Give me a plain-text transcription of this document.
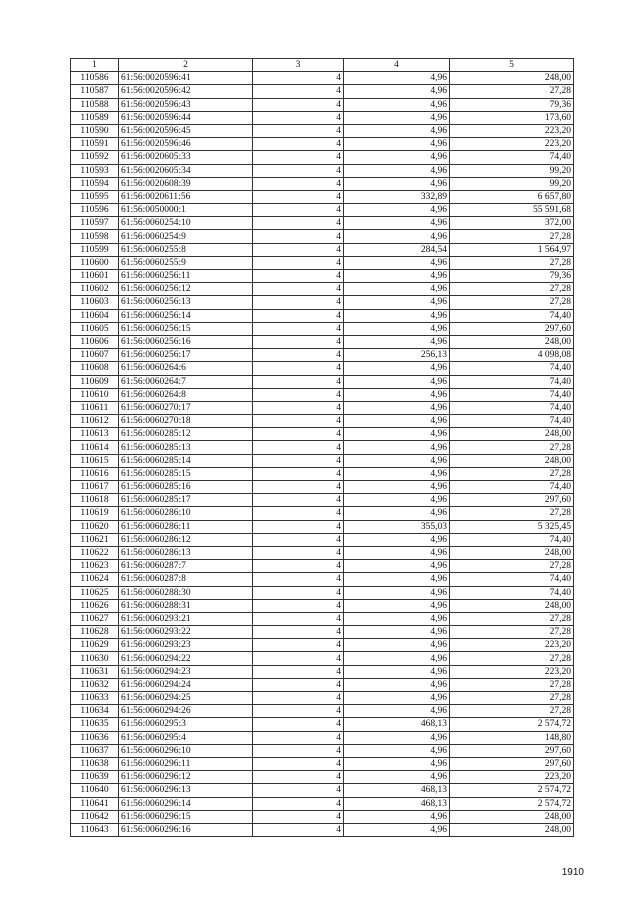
1	2	3	4	5
110586	61:56:0020596:41	4	4,96	248,00
110587	61:56:0020596:42	4	4,96	27,28
110588	61:56:0020596:43	4	4,96	79,36
110589	61:56:0020596:44	4	4,96	173,60
110590	61:56:0020596:45	4	4,96	223,20
110591	61:56:0020596:46	4	4,96	223,20
110592	61:56:0020605:33	4	4,96	74,40
110593	61:56:0020605:34	4	4,96	99,20
110594	61:56:0020608:39	4	4,96	99,20
110595	61:56:0020611:56	4	332,89	6 657,80
110596	61:56:0050000:1	4	4,96	55 591,68
110597	61:56:0060254:10	4	4,96	372,00
110598	61:56:0060254:9	4	4,96	27,28
110599	61:56:0060255:8	4	284,54	1 564,97
110600	61:56:0060255:9	4	4,96	27,28
110601	61:56:0060256:11	4	4,96	79,36
110602	61:56:0060256:12	4	4,96	27,28
110603	61:56:0060256:13	4	4,96	27,28
110604	61:56:0060256:14	4	4,96	74,40
110605	61:56:0060256:15	4	4,96	297,60
110606	61:56:0060256:16	4	4,96	248,00
110607	61:56:0060256:17	4	256,13	4 098,08
110608	61:56:0060264:6	4	4,96	74,40
110609	61:56:0060264:7	4	4,96	74,40
110610	61:56:0060264:8	4	4,96	74,40
110611	61:56:0060270:17	4	4,96	74,40
110612	61:56:0060270:18	4	4,96	74,40
110613	61:56:0060285:12	4	4,96	248,00
110614	61:56:0060285:13	4	4,96	27,28
110615	61:56:0060285:14	4	4,96	248,00
110616	61:56:0060285:15	4	4,96	27,28
110617	61:56:0060285:16	4	4,96	74,40
110618	61:56:0060285:17	4	4,96	297,60
110619	61:56:0060286:10	4	4,96	27,28
110620	61:56:0060286:11	4	355,03	5 325,45
110621	61:56:0060286:12	4	4,96	74,40
110622	61:56:0060286:13	4	4,96	248,00
110623	61:56:0060287:7	4	4,96	27,28
110624	61:56:0060287:8	4	4,96	74,40
110625	61:56:0060288:30	4	4,96	74,40
110626	61:56:0060288:31	4	4,96	248,00
110627	61:56:0060293:21	4	4,96	27,28
110628	61:56:0060293:22	4	4,96	27,28
110629	61:56:0060293:23	4	4,96	223,20
110630	61:56:0060294:22	4	4,96	27,28
110631	61:56:0060294:23	4	4,96	223,20
110632	61:56:0060294:24	4	4,96	27,28
110633	61:56:0060294:25	4	4,96	27,28
110634	61:56:0060294:26	4	4,96	27,28
110635	61:56:0060295:3	4	468,13	2 574,72
110636	61:56:0060295:4	4	4,96	148,80
110637	61:56:0060296:10	4	4,96	297,60
110638	61:56:0060296:11	4	4,96	297,60
110639	61:56:0060296:12	4	4,96	223,20
110640	61:56:0060296:13	4	468,13	2 574,72
110641	61:56:0060296:14	4	468,13	2 574,72
110642	61:56:0060296:15	4	4,96	248,00
110643	61:56:0060296:16	4	4,96	248,00
1910
